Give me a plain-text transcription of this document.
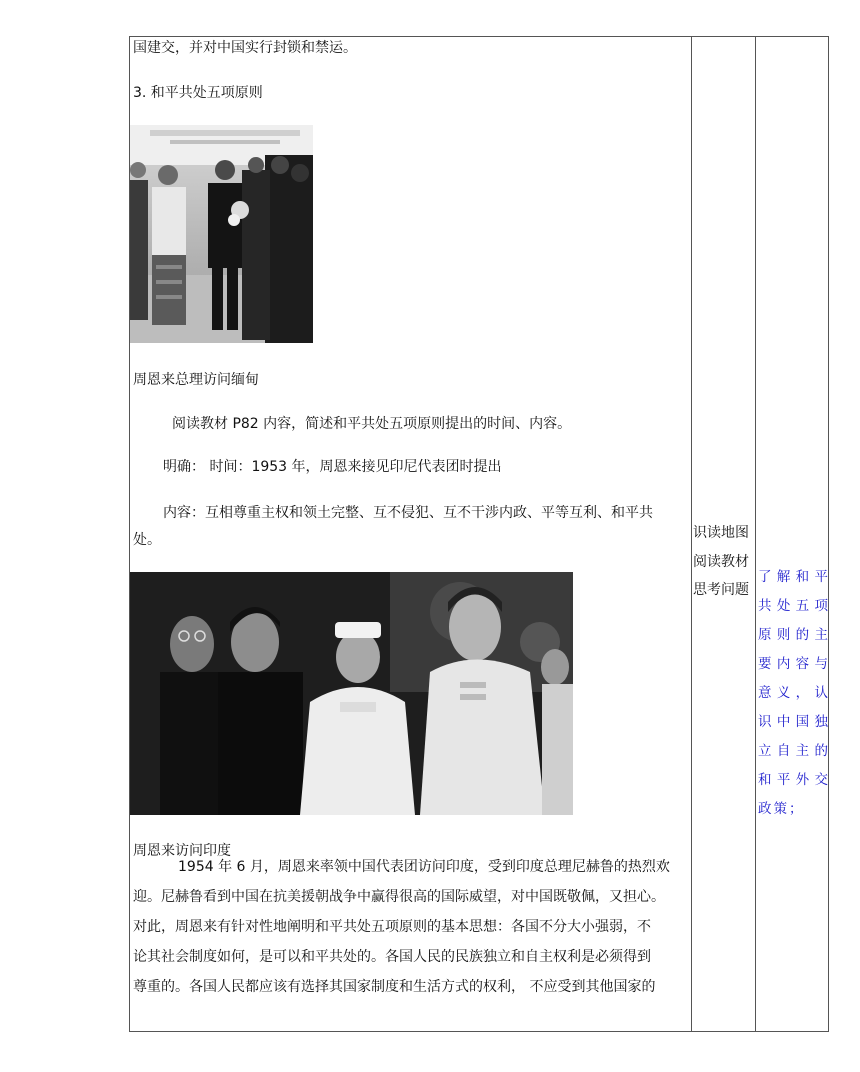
国建交，并对中国实行封锁和禁运。
3. 和平共处五项原则
周恩来总理访问缅甸
阅读教材 P82 内容，简述和平共处五项原则提出的时间、内容。
明确： 时间：1953 年，周恩来接见印尼代表团时提出
内容：互相尊重主权和领土完整、互不侵犯、互不干涉内政、平等互利、和平共
处。
周恩来访问印度
1954 年 6 月，周恩来率领中国代表团访问印度，受到印度总理尼赫鲁的热烈欢
迎。尼赫鲁看到中国在抗美援朝战争中赢得很高的国际威望，对中国既敬佩，又担心。
对此，周恩来有针对性地阐明和平共处五项原则的基本思想：各国不分大小强弱，不
论其社会制度如何，是可以和平共处的。各国人民的民族独立和自主权利是必须得到
尊重的。各国人民都应该有选择其国家制度和生活方式的权利， 不应受到其他国家的
识读地图
阅读教材
思考问题
了解和平共处五项原则的主要内容与意义，认识中国独立自主的和平外交政策；
